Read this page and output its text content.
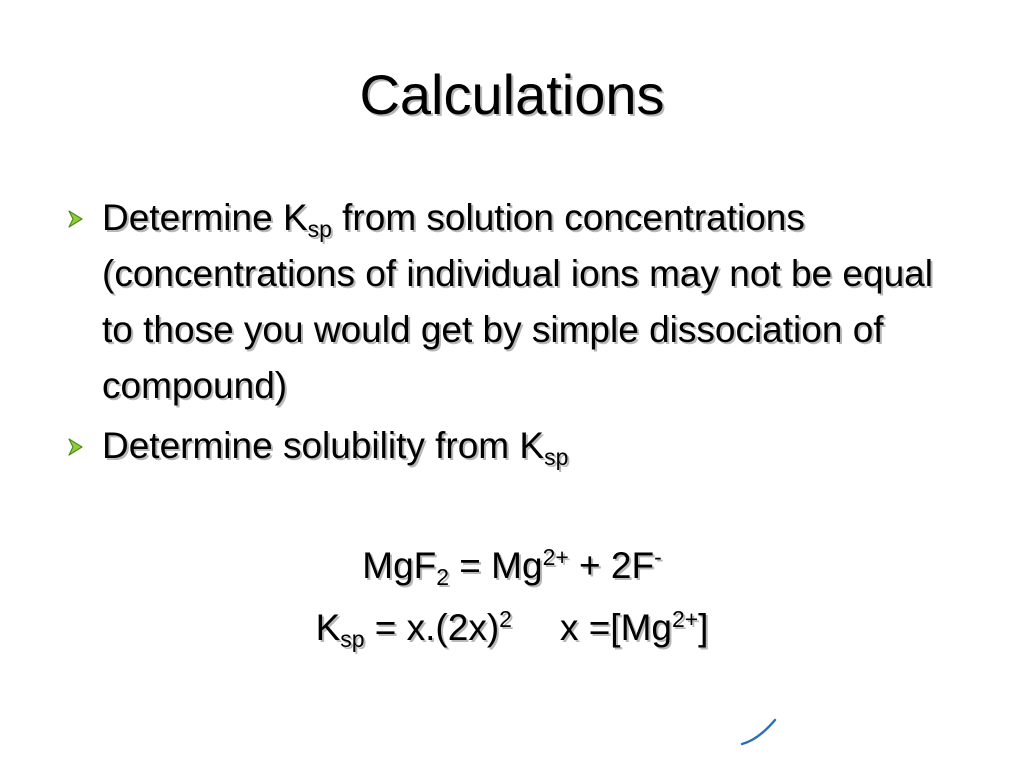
Calculations
Determine $K_{sp}$ from solution concentrations (concentrations of individual ions may not be equal to those you would get by simple dissociation of compound)
Determine solubility from $K_{sp}$
$MgF_2 = Mg^{2+} + 2F^-$
$K_{sp} = x.(2x)^2$ $x =[Mg^{2+}]$
